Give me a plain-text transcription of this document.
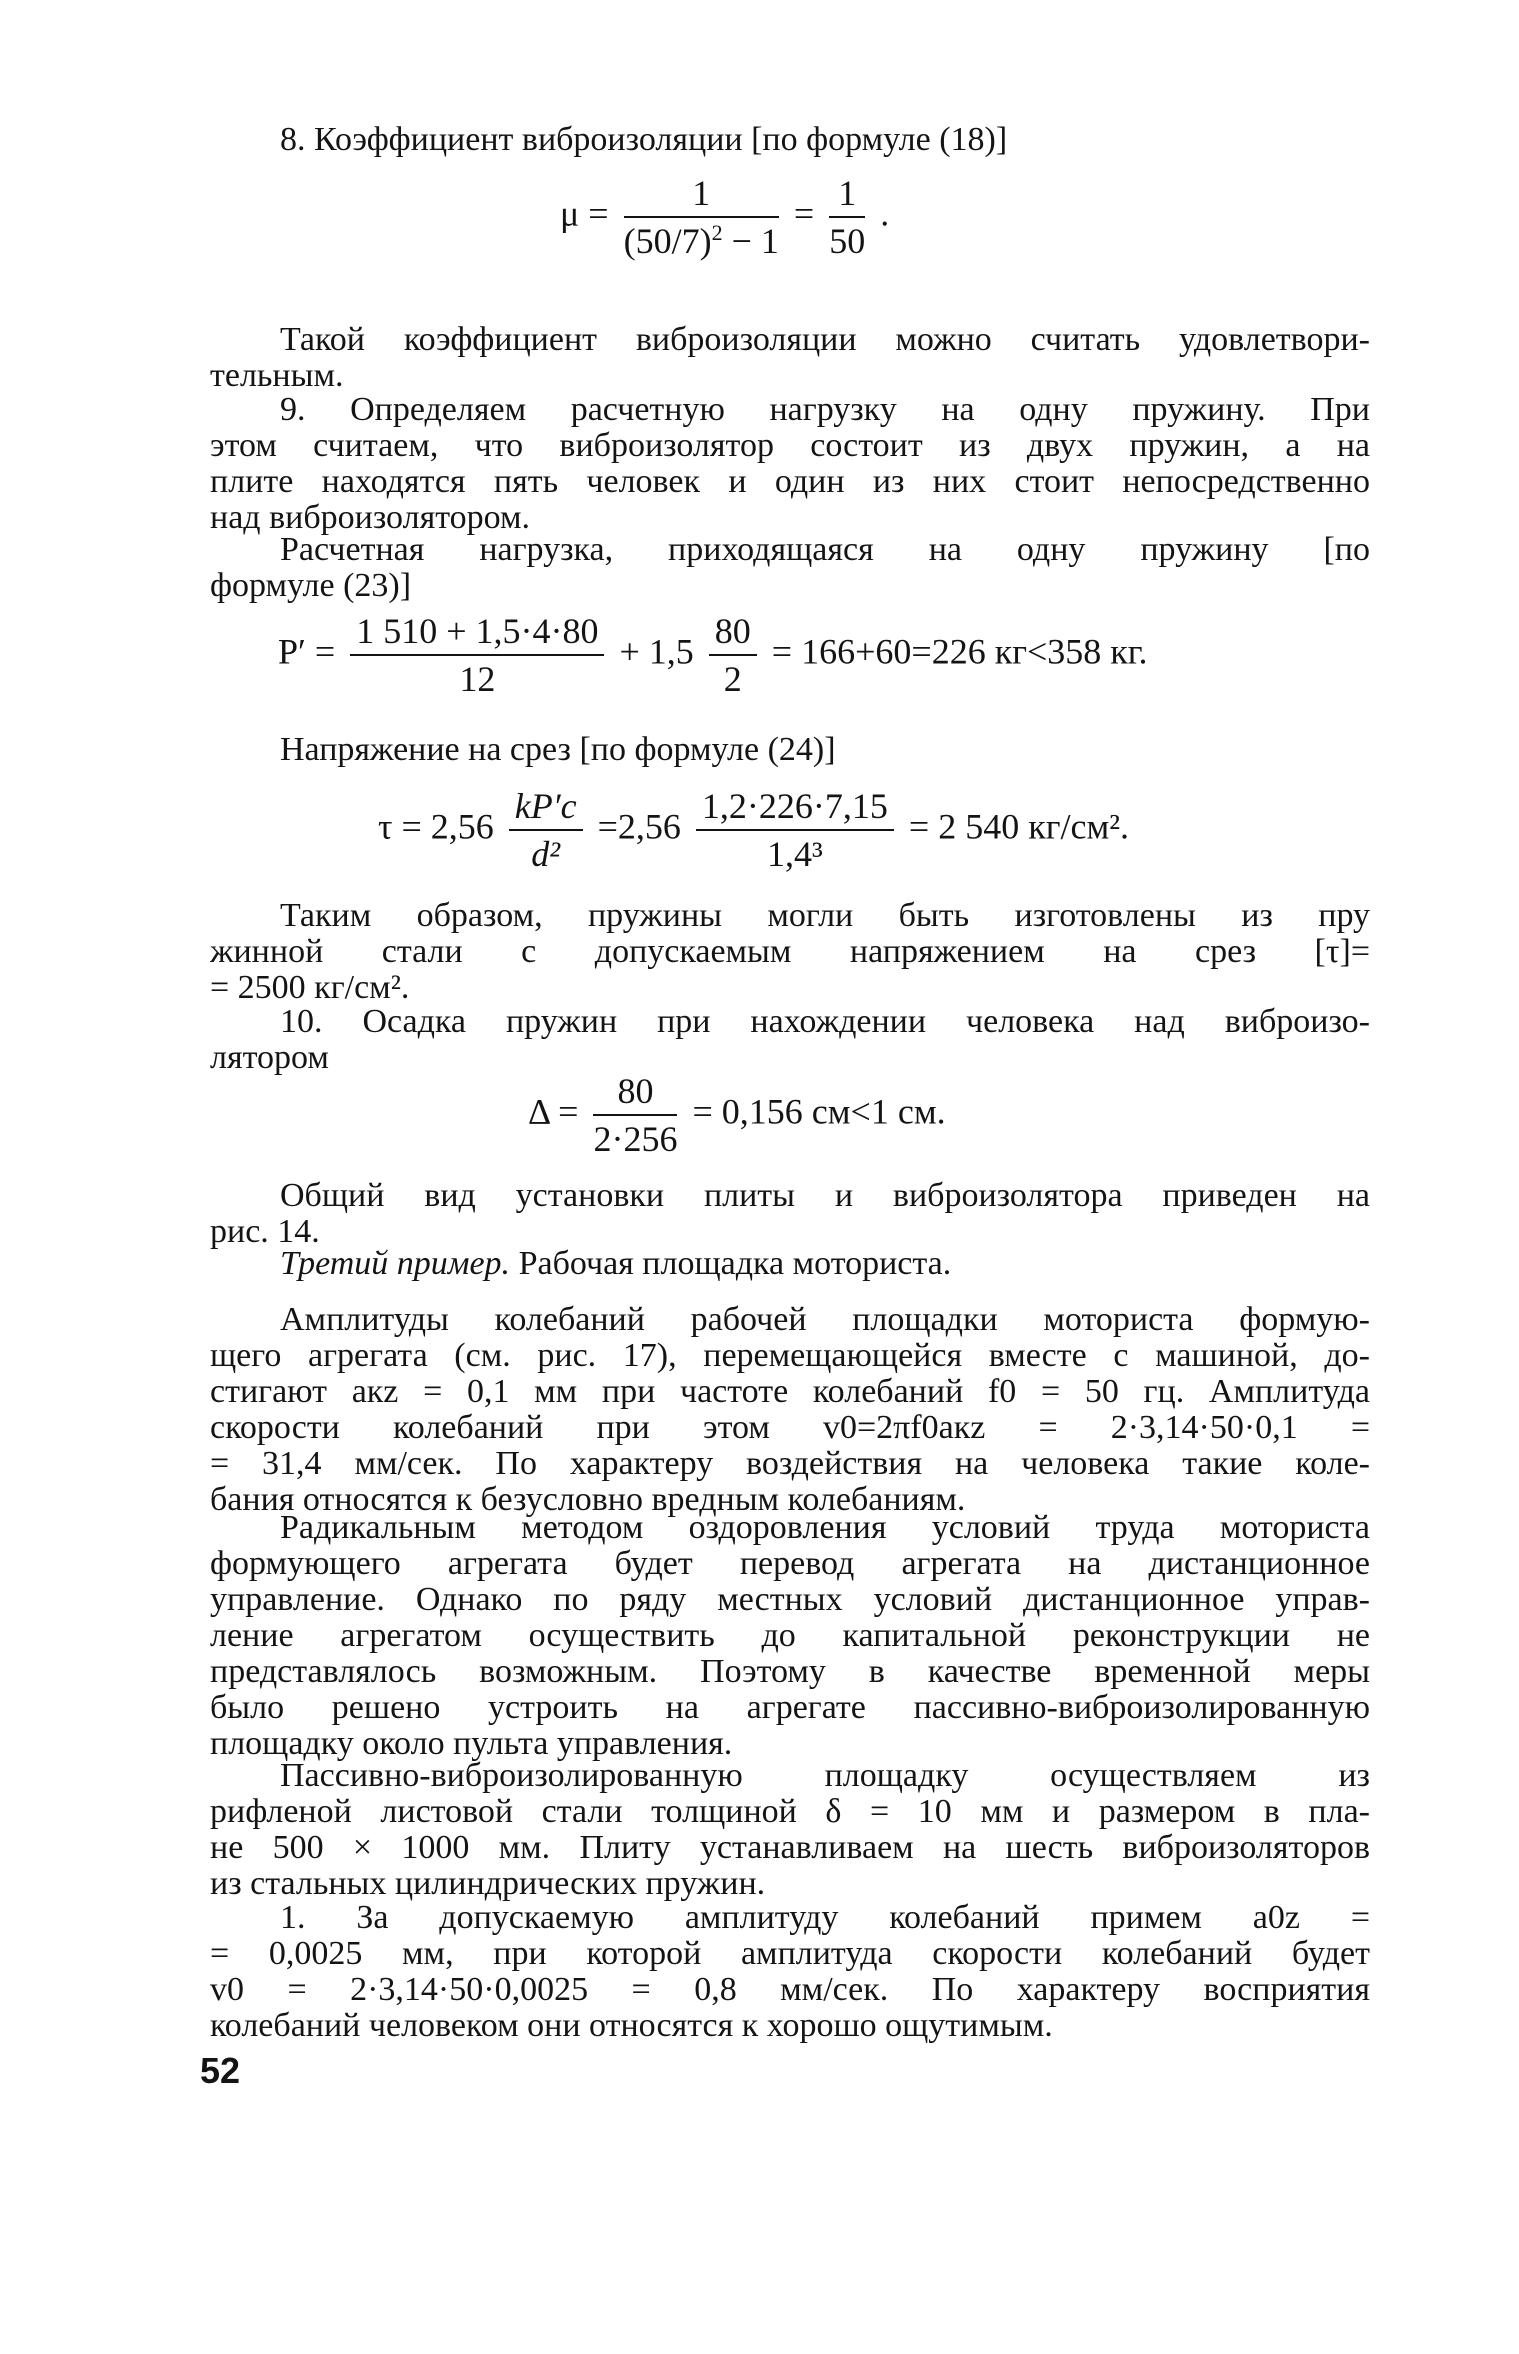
8. Коэффициент виброизоляции [по формуле (18)]
$\mu = \frac{1}{(50/7)^2 - 1} = \frac{1}{50}$ .

Такой коэффициент виброизоляции можно считать удовлетвори-
тельным.

9. Определяем расчетную нагрузку на одну пружину. При
этом считаем, что виброизолятор состоит из двух пружин, а на
плите находятся пять человек и один из них стоит непосредственно
над виброизолятором.

Расчетная нагрузка, приходящаяся на одну пружину [по
формуле (23)]

$P' = \frac{1 510 + 1,5\cdot 4\cdot 80}{12} + 1,5 \frac{80}{2} = 166+60=226$ кг<358 кг.
Напряжение на срез [по формуле (24)]
$\tau = 2,56 \frac{kP'c}{\text{d²}} =2,56 \frac{1,2\cdot 226\cdot 7,15}{\text{1,4³}} = 2$ 540 кг/см².

Таким образом, пружины могли быть изготовлены из пру
жинной стали с допускаемым напряжением на срез [τ]=
= 2500 кг/см².

10. Осадка пружин при нахождении человека над виброизо-
лятором

$\Delta = \frac{80}{2\cdot 256} = 0,156$ см<1 см.

Общий вид установки плиты и виброизолятора приведен на
рис. 14.

Третий пример. Рабочая площадка моториста.

Амплитуды колебаний рабочей площадки моториста формую-
щего агрегата (см. рис. 17), перемещающейся вместе с машиной, до-
стигают aкz = 0,1 мм при частоте колебаний f0 = 50 гц. Амплитуда
скорости колебаний при этом v0=2πf0aкz = 2·3,14·50·0,1 =
= 31,4 мм/сек. По характеру воздействия на человека такие коле-
бания относятся к безусловно вредным колебаниям.

Радикальным методом оздоровления условий труда моториста
формующего агрегата будет перевод агрегата на дистанционное
управление. Однако по ряду местных условий дистанционное управ-
ление агрегатом осуществить до капитальной реконструкции не
представлялось возможным. Поэтому в качестве временной меры
было решено устроить на агрегате пассивно-виброизолированную
площадку около пульта управления.

Пассивно-виброизолированную площадку осуществляем из
рифленой листовой стали толщиной δ = 10 мм и размером в пла-
не 500 × 1000 мм. Плиту устанавливаем на шесть виброизоляторов
из стальных цилиндрических пружин.

1. За допускаемую амплитуду колебаний примем a0z =
= 0,0025 мм, при которой амплитуда скорости колебаний будет
v0 = 2·3,14·50·0,0025 = 0,8 мм/сек. По характеру восприятия
колебаний человеком они относятся к хорошо ощутимым.

52
